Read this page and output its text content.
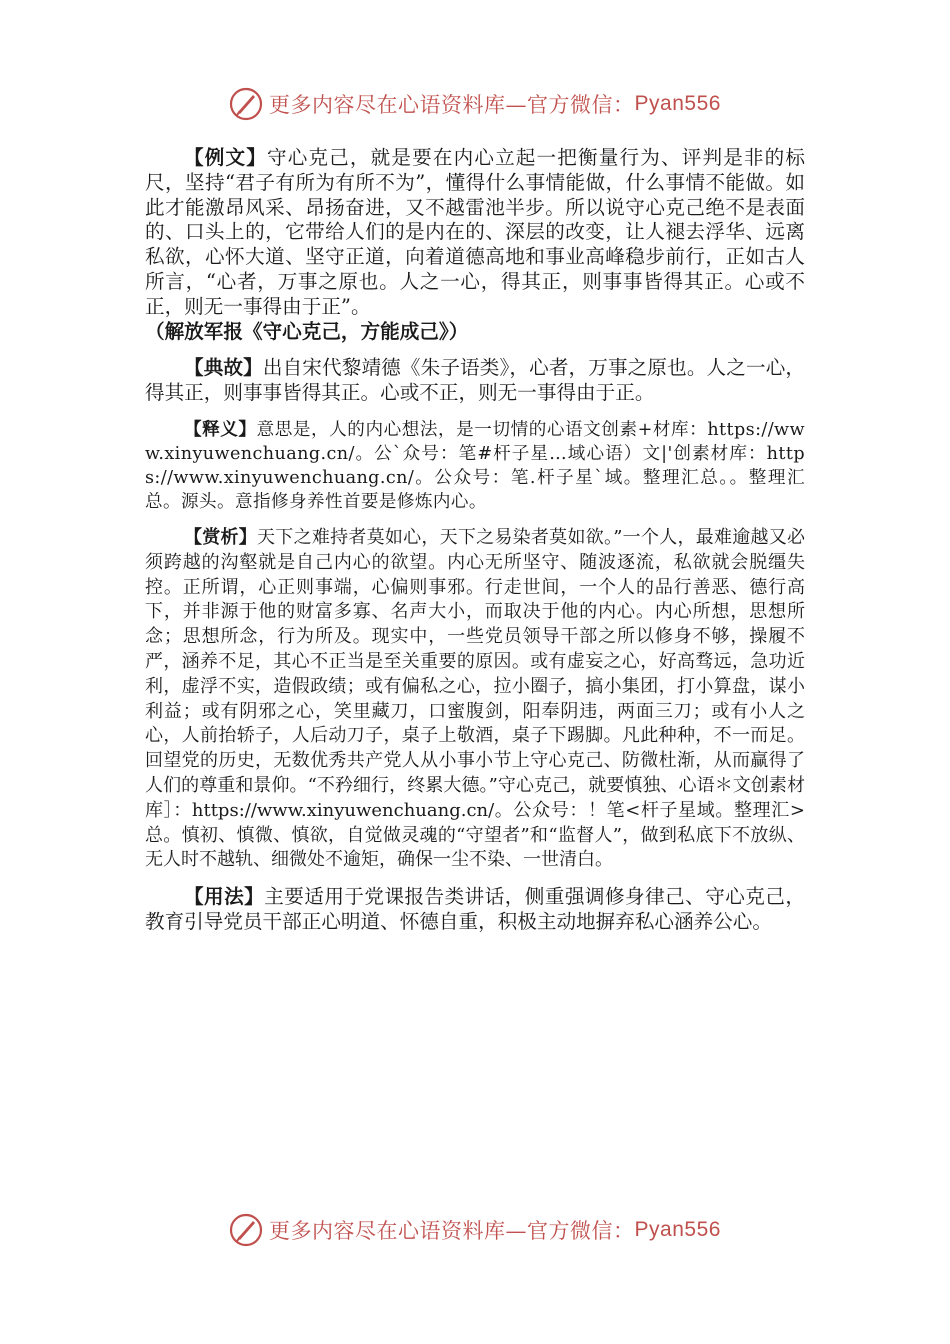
更多内容尽在心语资料库—官方微信： Pyan556

【例文】守心克己，就是要在内心立起一把衡量行为、评判是非的标尺，坚持“君子有所为有所不为”，懂得什么事情能做，什么事情不能做。如此才能激昂风采、昂扬奋进，又不越雷池半步。所以说守心克己绝不是表面的、口头上的，它带给人们的是内在的、深层的改变，让人褪去浮华、远离私欲，心怀大道、坚守正道，向着道德高地和事业高峰稳步前行，正如古人所言，“心者，万事之原也。人之一心，得其正，则事事皆得其正。心或不正，则无一事得由于正”。
（解放军报《守心克己，方能成己》）

【典故】出自宋代黎靖德《朱子语类》，心者，万事之原也。人之一心，得其正，则事事皆得其正。心或不正，则无一事得由于正。

【释义】意思是，人的内心想法，是一切情的心语文创素+材库：https://www.xinyuwenchuang.cn/。公`众号：笔#杆子星…域心语）文|'创素材库：https://www.xinyuwenchuang.cn/。公众号：笔.杆子星`域。整理汇总。。整理汇总。源头。意指修身养性首要是修炼内心。

【赏析】天下之难持者莫如心，天下之易染者莫如欲。”一个人，最难逾越又必须跨越的沟壑就是自己内心的欲望。内心无所坚守、随波逐流，私欲就会脱缰失控。正所谓，心正则事端，心偏则事邪。行走世间，一个人的品行善恶、德行高下，并非源于他的财富多寡、名声大小，而取决于他的内心。内心所想，思想所念；思想所念，行为所及。现实中，一些党员领导干部之所以修身不够，操履不严，涵养不足，其心不正当是至关重要的原因。或有虚妄之心，好高骛远，急功近利，虚浮不实，造假政绩；或有偏私之心，拉小圈子，搞小集团，打小算盘，谋小利益；或有阴邪之心，笑里藏刀，口蜜腹剑，阳奉阴违，两面三刀；或有小人之心，人前抬轿子，人后动刀子，桌子上敬酒，桌子下踢脚。凡此种种，不一而足。回望党的历史，无数优秀共产党人从小事小节上守心克己、防微杜渐，从而赢得了人们的尊重和景仰。“不矜细行，终累大德。”守心克己，就要慎独、心语＊文创素材库］：https://www.xinyuwenchuang.cn/。公众号：！笔<杆子星域。整理汇>总。慎初、慎微、慎欲，自觉做灵魂的“守望者”和“监督人”，做到私底下不放纵、无人时不越轨、细微处不逾矩，确保一尘不染、一世清白。

【用法】主要适用于党课报告类讲话，侧重强调修身律己、守心克己，教育引导党员干部正心明道、怀德自重，积极主动地摒弃私心涵养公心。

更多内容尽在心语资料库—官方微信： Pyan556
